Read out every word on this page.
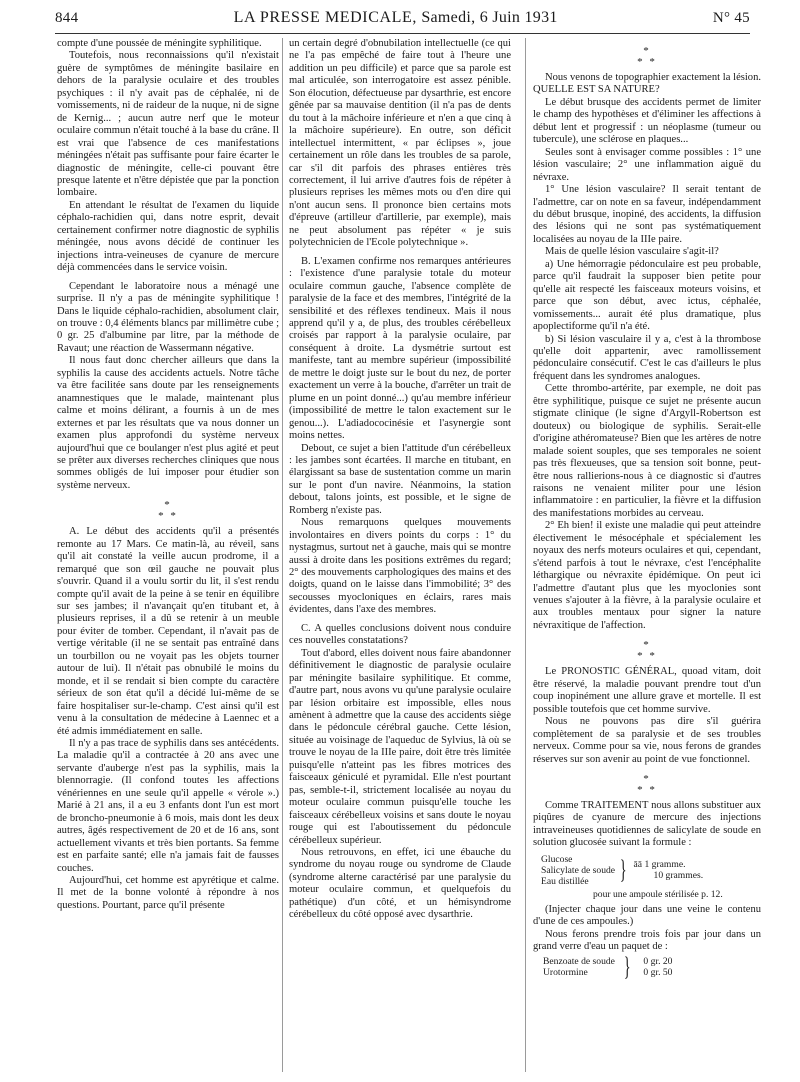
844	LA PRESSE MEDICALE, Samedi, 6 Juin 1931	N° 45

compte d'une poussée de méningite syphilitique.

Toutefois, nous reconnaissions qu'il n'existait guère de symptômes de méningite basilaire en dehors de la paralysie oculaire et des troubles psychiques : il n'y avait pas de céphalée, ni de vomissements, ni de raideur de la nuque, ni de signe de Kernig... ; aucun autre nerf que le moteur oculaire commun n'était touché à la base du crâne. Il est vrai que l'absence de ces manifestations méningées n'était pas suffisante pour faire écarter le diagnostic de méningite, celle-ci pouvant être presque latente et n'être dépistée que par la ponction lombaire.

En attendant le résultat de l'examen du liquide céphalo-rachidien qui, dans notre esprit, devait certainement confirmer notre diagnostic de syphilis méningée, nous avons décidé de continuer les injections intra-veineuses de cyanure de mercure déjà commencées dans le service voisin.

Cependant le laboratoire nous a ménagé une surprise. Il n'y a pas de méningite syphilitique ! Dans le liquide céphalo-rachidien, absolument clair, on trouve : 0,4 éléments blancs par millimètre cube ; 0 gr. 25 d'albumine par litre, par la méthode de Ravaut; une réaction de Wassermann négative.

Il nous faut donc chercher ailleurs que dans la syphilis la cause des accidents actuels. Notre tâche va être facilitée sans doute par les renseignements anamnestiques que le malade, maintenant plus calme et moins délirant, a fournis à un de mes externes et par les résultats que va nous donner un examen plus approfondi du système nerveux aujourd'hui que ce boulanger n'est plus agité et peut se prêter aux diverses recherches cliniques que nous sommes obligés de lui imposer pour étudier son système nerveux.

*
* *

A. Le début des accidents qu'il a présentés remonte au 17 Mars. Ce matin-là, au réveil, sans qu'il ait constaté la veille aucun prodrome, il a remarqué que son œil gauche ne pouvait plus s'ouvrir. Quand il a voulu sortir du lit, il s'est rendu compte qu'il avait de la peine à se tenir en équilibre sur ses jambes; il n'avançait qu'en titubant et, à plusieurs reprises, il a dû se retenir à un meuble pour éviter de tomber. Cependant, il n'avait pas de vertige véritable (il ne se sentait pas entraîné dans un tourbillon ou ne voyait pas les objets tourner autour de lui). Il n'était pas obnubilé le moins du monde, et il se rendait si bien compte du caractère sérieux de son état qu'il a décidé lui-même de se faire hospitaliser sur-le-champ. C'est ainsi qu'il est venu à la consultation de médecine à Laennec et a été admis immédiatement en salle.

Il n'y a pas trace de syphilis dans ses antécédents. La maladie qu'il a contractée à 20 ans avec une servante d'auberge n'est pas la syphilis, mais la blennorragie. (Il confond toutes les affections vénériennes en une seule qu'il appelle « vérole ».) Marié à 21 ans, il a eu 3 enfants dont l'un est mort de broncho-pneumonie à 6 mois, mais dont les deux autres, âgés respectivement de 20 et de 16 ans, sont actuellement vivants et très bien portants. Sa femme est en parfaite santé; elle n'a jamais fait de fausses couches.

Aujourd'hui, cet homme est apyrétique et calme. Il met de la bonne volonté à répondre à nos questions. Pourtant, parce qu'il présente

un certain degré d'obnubilation intellectuelle (ce qui ne l'a pas empêché de faire tout à l'heure une addition un peu difficile) et parce que sa parole est mal articulée, son interrogatoire est assez pénible. Son élocution, défectueuse par dysarthrie, est encore gênée par sa mauvaise dentition (il n'a pas de dents du tout à la mâchoire inférieure et n'en a que cinq à la mâchoire supérieure). En outre, son déficit intellectuel intermittent, « par éclipses », joue certainement un rôle dans les troubles de sa parole, car s'il dit parfois des phrases entières très correctement, il lui arrive d'autres fois de répéter à plusieurs reprises les mêmes mots ou d'en dire qui n'ont aucun sens. Il prononce bien certains mots d'épreuve (artilleur d'artillerie, par exemple), mais ne peut absolument pas répéter « je suis polytechnicien de l'Ecole polytechnique ».

B. L'examen confirme nos remarques antérieures : l'existence d'une paralysie totale du moteur oculaire commun gauche, l'absence complète de paralysie de la face et des membres, l'intégrité de la sensibilité et des réflexes tendineux. Mais il nous apprend qu'il y a, de plus, des troubles cérébelleux croisés par rapport à la paralysie oculaire, par conséquent à droite. La dysmétrie surtout est manifeste, tant au membre supérieur (impossibilité de mettre le doigt juste sur le bout du nez, de porter exactement un verre à la bouche, d'arrêter un trait de plume en un point donné...) qu'au membre inférieur (impossibilité de mettre le talon exactement sur le genou...). L'adiadococinésie et l'asynergie sont moins nettes.

Debout, ce sujet a bien l'attitude d'un cérébelleux : les jambes sont écartées. Il marche en titubant, en élargissant sa base de sustentation comme un marin sur le pont d'un navire. Néanmoins, la station debout, talons joints, est possible, et le signe de Romberg n'existe pas.

Nous remarquons quelques mouvements involontaires en divers points du corps : 1° du nystagmus, surtout net à gauche, mais qui se montre aussi à droite dans les positions extrêmes du regard; 2° des mouvements carphologiques des mains et des doigts, quand on le laisse dans l'immobilité; 3° des secousses myocloniques en éclairs, rares mais évidentes, dans l'axe des membres.

C. A quelles conclusions doivent nous conduire ces nouvelles constatations?

Tout d'abord, elles doivent nous faire abandonner définitivement le diagnostic de paralysie oculaire par méningite basilaire syphilitique. Et comme, d'autre part, nous avons vu qu'une paralysie oculaire par lésion orbitaire est impossible, elles nous amènent à admettre que la cause des accidents siège dans le pédoncule cérébral gauche. Cette lésion, située au voisinage de l'aqueduc de Sylvius, là où se trouve le noyau de la IIIe paire, doit être très limitée puisqu'elle n'atteint pas les fibres motrices des faisceaux géniculé et pyramidal. Elle n'est pourtant pas, semble-t-il, strictement localisée au noyau du moteur oculaire commun puisqu'elle touche les faisceaux cérébelleux voisins et sans doute le noyau rouge qui est l'aboutissement du pédoncule cérébelleux supérieur.

Nous retrouvons, en effet, ici une ébauche du syndrome du noyau rouge ou syndrome de Claude (syndrome alterne caractérisé par une paralysie du moteur oculaire commun, et quelquefois du pathétique) d'un côté, et un hémisyndrome cérébelleux du côté opposé avec dysarthrie.

*
* *

Nous venons de topographier exactement la lésion. QUELLE EST SA NATURE?

Le début brusque des accidents permet de limiter le champ des hypothèses et d'éliminer les affections à début lent et progressif : un néoplasme (tumeur ou tubercule), une sclérose en plaques...

Seules sont à envisager comme possibles : 1° une lésion vasculaire; 2° une inflammation aiguë du névraxe.

1° Une lésion vasculaire? Il serait tentant de l'admettre, car on note en sa faveur, indépendamment du début brusque, inopiné, des accidents, la diffusion des lésions qui ne sont pas systématiquement localisées au noyau de la IIIe paire.

Mais de quelle lésion vasculaire s'agit-il?

a) Une hémorragie pédonculaire est peu probable, parce qu'il faudrait la supposer bien petite pour qu'elle ait respecté les faisceaux moteurs voisins, et parce que son début, avec ictus, céphalée, vomissements... aurait été plus dramatique, plus apoplectiforme qu'il n'a été.

b) Si lésion vasculaire il y a, c'est à la thrombose qu'elle doit appartenir, avec ramollissement pédonculaire consécutif. C'est le cas d'ailleurs le plus fréquent dans les syndromes analogues.

Cette thrombo-artérite, par exemple, ne doit pas être syphilitique, puisque ce sujet ne présente aucun stigmate clinique (le signe d'Argyll-Robertson est douteux) ou biologique de syphilis. Serait-elle d'origine athéromateuse? Bien que les artères de notre malade soient souples, que ses temporales ne soient pas très flexueuses, que sa tension soit bonne, peut-être nous rallierions-nous à ce diagnostic si d'autres raisons ne venaient militer pour une lésion inflammatoire : en particulier, la fièvre et la diffusion des manifestations morbides au cerveau.

2° Eh bien! il existe une maladie qui peut atteindre électivement le mésocéphale et spécialement les noyaux des nerfs moteurs oculaires et qui, cependant, s'étend parfois à tout le névraxe, c'est l'encéphalite léthargique ou névraxite épidémique. On peut ici l'admettre d'autant plus que les myoclonies sont venues s'ajouter à la fièvre, à la paralysie oculaire et aux troubles mentaux pour signer la nature névraxitique de l'affection.

*
* *

Le PRONOSTIC GÉNÉRAL, quoad vitam, doit être réservé, la maladie pouvant prendre tout d'un coup inopinément une allure grave et mortelle. Il est possible toutefois que cet homme survive.

Nous ne pouvons pas dire s'il guérira complètement de sa paralysie et de ses troubles nerveux. Comme pour sa vie, nous ferons de grandes réserves sur son avenir au point de vue fonctionnel.

*
* *

Comme TRAITEMENT nous allons substituer aux piqûres de cyanure de mercure des injections intraveineuses quotidiennes de salicylate de soude en solution glucosée suivant la formule :

Glucose
Salicylate de soude
Eau distillée	} āā 1 gramme.
10 grammes.
pour une ampoule stérilisée p. 12.

(Injecter chaque jour dans une veine le contenu d'une de ces ampoules.)

Nous ferons prendre trois fois par jour dans un grand verre d'eau un paquet de :

Benzoate de soude
Urotormine	} 0 gr. 20
0 gr. 50
